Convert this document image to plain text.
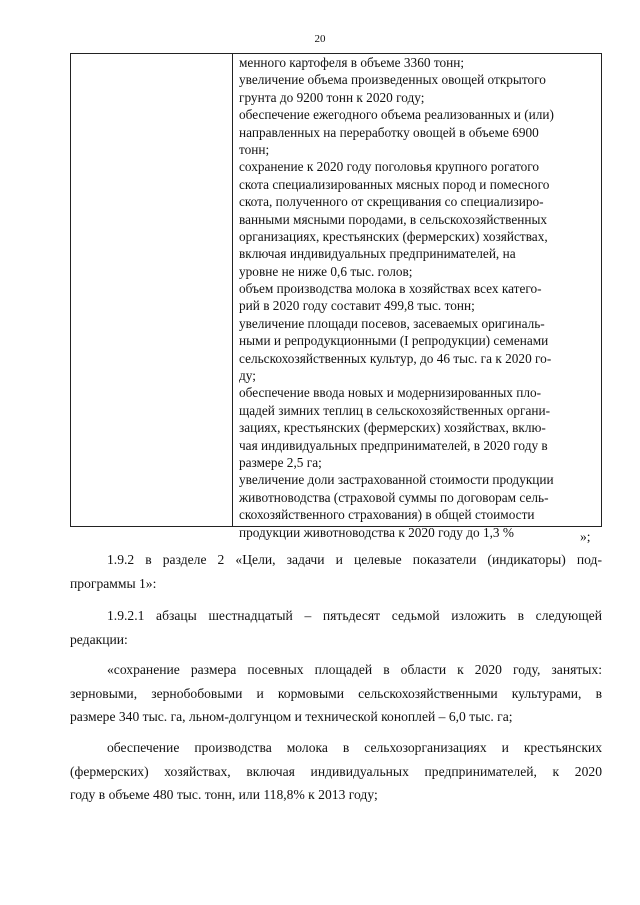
20
менного картофеля в объеме 3360 тонн;
увеличение объема произведенных овощей открытого
грунта до 9200 тонн к 2020 году;
обеспечение ежегодного объема реализованных и (или)
направленных на переработку овощей в объеме 6900
тонн;
сохранение к 2020 году поголовья крупного рогатого
скота специализированных мясных пород и помесного
скота, полученного от скрещивания со специализиро-
ванными мясными породами, в сельскохозяйственных
организациях, крестьянских (фермерских) хозяйствах,
включая индивидуальных предпринимателей, на
уровне не ниже 0,6 тыс. голов;
объем производства молока в хозяйствах всех катего-
рий в 2020 году составит 499,8 тыс. тонн;
увеличение площади посевов, засеваемых оригиналь-
ными и репродукционными (I репродукции) семенами
сельскохозяйственных культур, до 46 тыс. га к 2020 го-
ду;
обеспечение ввода новых и модернизированных пло-
щадей зимних теплиц в сельскохозяйственных органи-
зациях, крестьянских (фермерских) хозяйствах, вклю-
чая индивидуальных предпринимателей, в 2020 году в
размере 2,5 га;
увеличение доли застрахованной стоимости продукции
животноводства (страховой суммы по договорам сель-
скохозяйственного страхования) в общей стоимости
продукции животноводства к 2020 году до 1,3 %	»;
1.9.2 в разделе 2 «Цели, задачи и целевые показатели (индикаторы) под-
программы 1»:
1.9.2.1 абзацы шестнадцатый – пятьдесят седьмой изложить в следующей
редакции:
«сохранение размера посевных площадей в области к 2020 году, занятых:
зерновыми, зернобобовыми и кормовыми сельскохозяйственными культурами, в
размере 340 тыс. га, льном-долгунцом и технической коноплей – 6,0 тыс. га;
обеспечение производства молока в сельхозорганизациях и крестьянских
(фермерских) хозяйствах, включая индивидуальных предпринимателей, к 2020
году в объеме 480 тыс. тонн, или 118,8% к 2013 году;
